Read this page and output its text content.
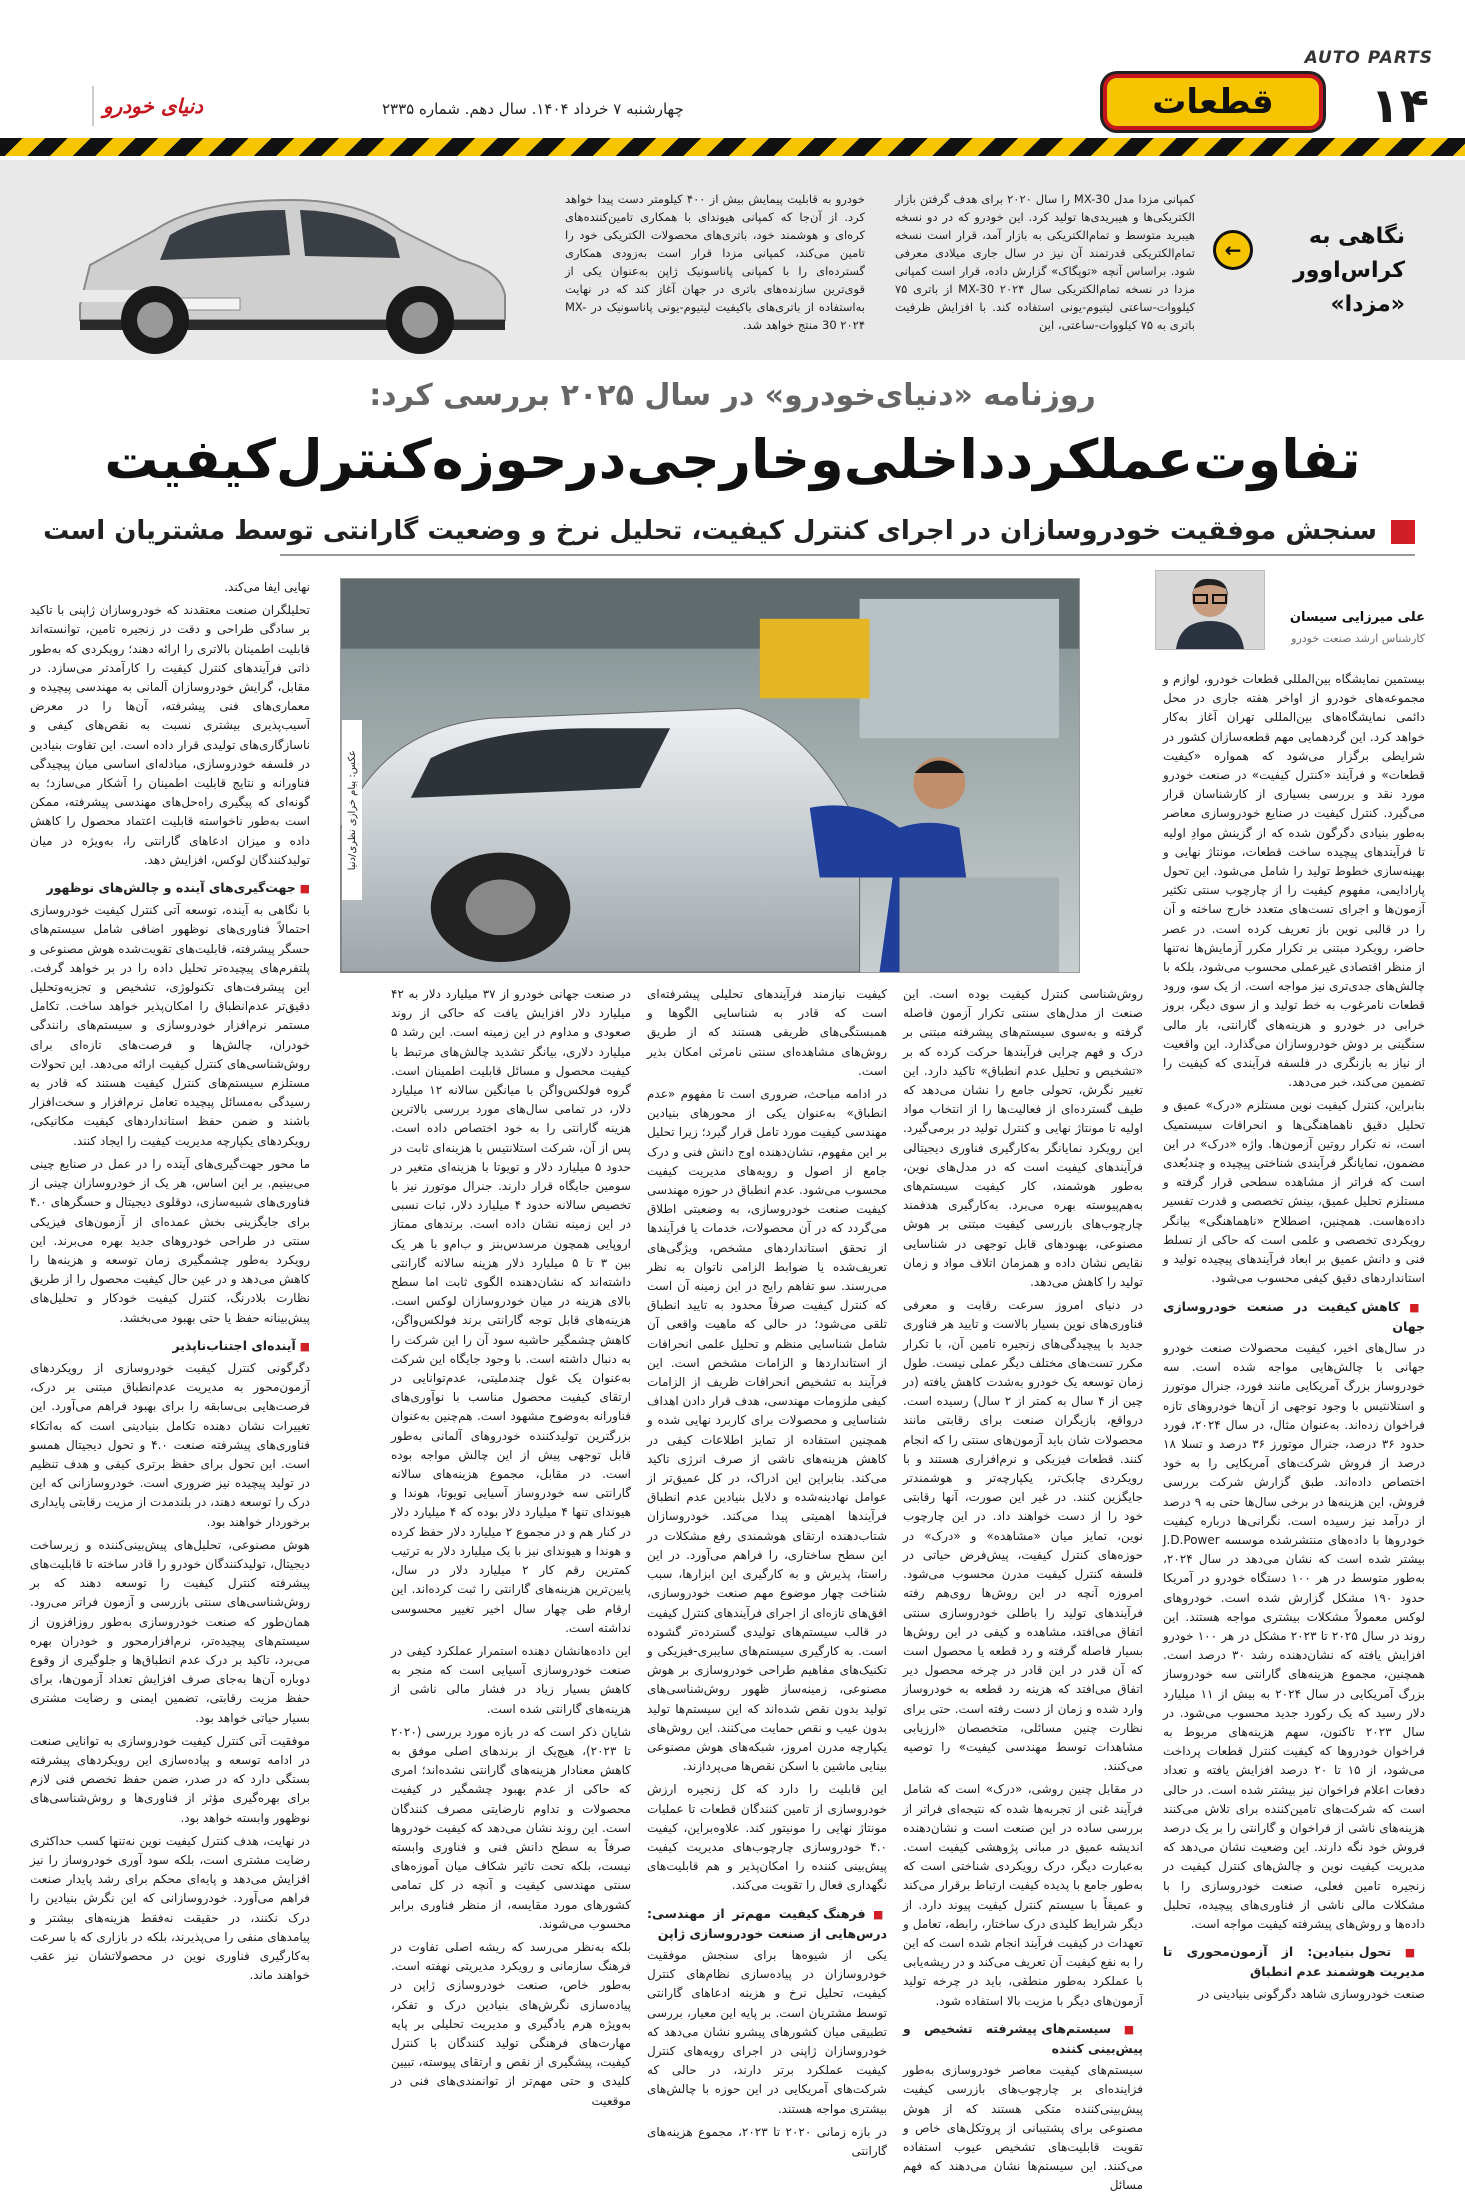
AUTO PARTS
۱۴
قطعات
چهارشنبه ۷ خرداد ۱۴۰۴. سال دهم. شماره ۲۳۳۵
دنیای خودرو
نگاهی به کراس‌اوور «مزدا»
←
کمپانی مزدا مدل MX-30 را سال ۲۰۲۰ برای هدف گرفتن بازار الکتریکی‌ها و هیبریدی‌ها تولید کرد. این خودرو که در دو نسخه هیبرید متوسط و تمام‌الکتریکی به بازار آمد، قرار است نسخه تمام‌الکتریکی قدرتمند آن نیز در سال جاری میلادی معرفی شود. براساس آنچه «توپگاک» گزارش داده، قرار است کمپانی مزدا در نسخه تمام‌الکتریکی سال ۲۰۲۴ MX-30 از باتری ۷۵ کیلووات-ساعتی لیتیوم-یونی استفاده کند. با افزایش ظرفیت باتری به ۷۵ کیلووات-ساعتی، این
خودرو به قابلیت پیمایش بیش از ۴۰۰ کیلومتر دست پیدا خواهد کرد. از آن‌جا که کمپانی هیوندای با همکاری تامین‌کننده‌های کره‌ای و هوشمند خود، باتری‌های محصولات الکتریکی خود را تامین می‌کند، کمپانی مزدا قرار است به‌زودی همکاری گسترده‌ای را با کمپانی پاناسونیک ژاپن به‌عنوان یکی از قوی‌ترین سازنده‌های باتری در جهان آغاز کند که در نهایت به‌استفاده از باتری‌های باکیفیت لیتیوم-یونی پاناسونیک در MX-30 ۲۰۲۴ منتج خواهد شد.
روزنامه «دنیای‌خودرو» در سال ۲۰۲۵ بررسی کرد:
تفاوت‌عملکرد‌داخلی‌و‌خارجی‌در‌حوزه‌کنترل‌کیفیت
سنجش موفقیت خودروسازان در اجرای کنترل کیفیت، تحلیل نرخ و وضعیت گارانتی توسط مشتریان است
علی میرزایی سیسان
کارشناس ارشد صنعت خودرو
عکس: پیام خرازی نظری/دنیا

بیستمین نمایشگاه بین‌المللی قطعات خودرو، لوازم و مجموعه‌های خودرو از اواخر هفته جاری در محل دائمی نمایشگاه‌های بین‌المللی تهران آغاز به‌کار خواهد کرد. این گردهمایی مهم قطعه‌سازان کشور در شرایطی برگزار می‌شود که همواره «کیفیت قطعات» و فرآیند «کنترل کیفیت» در صنعت خودرو مورد نقد و بررسی بسیاری از کارشناسان قرار می‌گیرد. کنترل کیفیت در صنایع خودروسازی معاصر به‌طور بنیادی دگرگون شده که از گزینش موادِ اولیه تا فرآیندهای پیچیده ساخت قطعات، مونتاژ نهایی و بهینه‌سازی خطوط تولید را شامل می‌شود. این تحول پارادایمی، مفهوم کیفیت را از چارچوب سنتی تکثیر آزمون‌ها و اجرای تست‌های متعدد خارج ساخته و آن را در قالبی نوین باز تعریف کرده است. در عصر حاضر، رویکرد مبتنی بر تکرار مکرر آزمایش‌ها نه‌تنها از منظر اقتصادی غیرعملی محسوب می‌شود، بلکه با چالش‌های جدی‌تری نیز مواجه است. از یک سو، ورود قطعات نامرغوب به خط تولید و از سوی دیگر، بروز خرابی در خودرو و هزینه‌های گارانتی، بار مالی سنگینی بر دوش خودروسازان می‌گذارد. این واقعیت از نیاز به بازنگری در فلسفه فرآیندی که کیفیت را تضمین می‌کند، خبر می‌دهد.

بنابراین، کنترل کیفیت نوین مستلزم «درک» عمیق و تحلیل دقیق ناهماهنگی‌ها و انحرافات سیستمیک است، نه تکرار روتین آزمون‌ها. واژه «درک» در این مضمون، نمایانگر فرآیندی شناختی پیچیده و چندبُعدی است که فراتر از مشاهده سطحی قرار گرفته و مستلزم تحلیل عمیق، بینش تخصصی و قدرت تفسیر داده‌هاست. همچنین، اصطلاح «ناهماهنگی» بیانگر رویکردی تخصصی و علمی است که حاکی از تسلط فنی و دانش عمیق بر ابعاد فرآیندهای پیچیده تولید و استانداردهای دقیق کیفی محسوب می‌شود.

■ کاهش کیفیت در صنعت خودروسازی جهان

در سال‌های اخیر، کیفیت محصولات صنعت خودرو جهانی با چالش‌هایی مواجه شده است. سه خودروساز بزرگ آمریکایی مانند فورد، جنرال موتورز و استلانتیس با وجود توجهی از آن‌ها خودروهای تازه فراخوان زده‌اند. به‌عنوان مثال، در سال ۲۰۲۴، فورد حدود ۳۶ درصد، جنرال موتورز ۳۶ درصد و تسلا ۱۸ درصد از فروش شرکت‌های آمریکایی را به خود اختصاص داده‌اند. طبق گزارش شرکت بررسی فروش، این هزینه‌ها در برخی سال‌ها حتی به ۹ درصد از درآمد نیز رسیده است. نگرانی‌ها درباره کیفیت خودروها با داده‌های منتشرشده موسسه J.D.Power بیشتر شده است که نشان می‌دهد در سال ۲۰۲۴، به‌طور متوسط در هر ۱۰۰ دستگاه خودرو در آمریکا حدود ۱۹۰ مشکل گزارش شده است. خودروهای لوکس معمولاً مشکلات بیشتری مواجه هستند. این روند در سال ۲۰۲۵ تا ۲۰۲۳ مشکل در هر ۱۰۰ خودرو افزایش یافته که نشان‌دهنده رشد ۳۰ درصد است. همچنین، مجموع هزینه‌های گارانتی سه خودروساز بزرگ آمریکایی در سال ۲۰۲۴ به بیش از ۱۱ میلیارد دلار رسید که یک رکورد جدید محسوب می‌شود. در سال ۲۰۲۳ تاکنون، سهم هزینه‌های مربوط به فراخوان خودروها که کیفیت کنترل قطعات پرداخت می‌شود، از ۱۵ تا ۲۰ درصد افزایش یافته و تعداد دفعات اعلام فراخوان نیز بیشتر شده است. در حالی است که شرکت‌های تامین‌کننده برای تلاش می‌کنند هزینه‌های ناشی از فراخوان و گارانتی را بر یک درصد فروش خود نگه دارند. این وضعیت نشان می‌دهد که مدیریت کیفیت نوین و چالش‌های کنترل کیفیت در زنجیره تامین فعلی، صنعت خودروسازی را با مشکلات مالی ناشی از فناوری‌های پیچیده، تحلیل داده‌ها و روش‌های پیشرفته کیفیت مواجه است.

■ تحول بنیادین: از آزمون‌محوری تا مدیریت هوشمند عدم انطباق

صنعت خودروسازی شاهد دگرگونی بنیادینی در

روش‌شناسی کنترل کیفیت بوده است. این صنعت از مدل‌های سنتی تکرار آزمون فاصله گرفته و به‌سوی سیستم‌های پیشرفته مبتنی بر درک و فهم چرایی فرآیندها حرکت کرده که بر «تشخیص و تحلیل عدم انطباق» تاکید دارد. این تغییر نگرش، تحولی جامع را نشان می‌دهد که طیف گسترده‌ای از فعالیت‌ها را از انتخاب مواد اولیه تا مونتاژ نهایی و کنترل تولید در برمی‌گیرد. این رویکرد نمایانگر به‌کارگیری فناوری دیجیتالی فرآیندهای کیفیت است که در مدل‌های نوین، به‌طور هوشمند، کار کیفیت سیستم‌های به‌هم‌پیوسته بهره می‌برد. به‌کارگیری هدفمند چارچوب‌های بازرسی کیفیت مبتنی بر هوش مصنوعی، بهبودهای قابل توجهی در شناسایی نقایص نشان داده و همزمان اتلاف مواد و زمان تولید را کاهش می‌دهد.

در دنیای امروز سرعت رقابت و معرفی فناوری‌های نوین بسیار بالاست و تایید هر فناوری جدید با پیچیدگی‌های زنجیره تامین آن، با تکرار مکرر تست‌های مختلف دیگر عملی نیست. طول زمان توسعه یک خودرو به‌شدت کاهش یافته (در چین از ۴ سال به کمتر از ۲ سال) رسیده است. درواقع، بازیگران صنعت برای رقابتی مانند محصولات شان باید آزمون‌های سنتی را که انجام کنند. قطعات فیزیکی و نرم‌افزاری هستند و با رویکردی چابک‌تر، یکپارچه‌تر و هوشمندتر جایگزین کنند. در غیر این صورت، آنها رقابتی خود را از دست خواهند داد. در این چارچوب نوین، تمایز میان «مشاهده» و «درک» در حوزه‌های کنترل کیفیت، پیش‌فرض حیاتی در فلسفه کنترل کیفیت مدرن محسوب می‌شود. امروزه آنچه در این روش‌ها روی‌هم رفته فرآیندهای تولید را باطلی خودروسازی سنتی اتفاق می‌افتد، مشاهده و کیفی در این روش‌ها بسیار فاصله گرفته و رد قطعه یا محصول است که آن قدر در این قادر در چرخه محصول دیر اتفاق می‌افتد که هزینه رد قطعه به خودروساز وارد شده و زمان از دست رفته است. حتی برای نظارت چنین مسائلی، متخصصان «ارزیابی مشاهدات توسط مهندسی کیفیت» را توصیه می‌کنند.

در مقابل چنین روشی، «درک» است که شامل فرآیند غنی از تجربه‌ها شده که نتیجه‌ای فراتر از بررسی ساده در این صنعت است و نشان‌دهنده اندیشه عمیق در مبانی پژوهشی کیفیت است. به‌عبارت دیگر، درک رویکردی شناختی است که به‌طور جامع با پدیده کیفیت ارتباط برقرار می‌کند و عمیقاً با سیستم کنترل کیفیت پیوند دارد. از دیگر شرایط کلیدی درک ساختار، رابطه، تعامل و تعهدات در کیفیت فرآیند انجام شده است که این را به نفع کیفیت آن تعریف می‌کند و در ریشه‌یابی با عملکرد به‌طور منطقی، باید در چرخه تولید آزمون‌های دیگر با مزیت بالا استفاده شود.

■ سیستم‌های پیشرفته تشخیص و پیش‌بینی کننده

سیستم‌های کیفیت معاصر خودروسازی به‌طور فزاینده‌ای بر چارچوب‌های بازرسی کیفیت پیش‌بینی‌کننده متکی هستند که از هوش مصنوعی برای پشتیبانی از پروتکل‌های خاص و تقویت قابلیت‌های تشخیص عیوب استفاده می‌کنند. این سیستم‌ها نشان می‌دهند که فهم مسائل

کیفیت نیازمند فرآیندهای تحلیلی پیشرفته‌ای است که قادر به شناسایی الگوها و همبستگی‌های ظریفی هستند که از طریق روش‌های مشاهده‌ای سنتی نامرئی امکان بذیر است.

در ادامه مباحث، ضروری است تا مفهوم «عدم انطباق» به‌عنوان یکی از محورهای بنیادین مهندسی کیفیت مورد تامل قرار گیرد؛ زیرا تحلیل بر این مفهوم، نشان‌دهنده اوج دانش فنی و درک جامع از اصول و رویه‌های مدیریت کیفیت محسوب می‌شود. عدم انطباق در حوزه مهندسی کیفیت صنعت خودروسازی، به وضعیتی اطلاق می‌گردد که در آن محصولات، خدمات یا فرآیندها از تحقق استانداردهای مشخص، ویژگی‌های تعریف‌شده یا ضوابط الزامی ناتوان به نظر می‌رسند. سو تفاهم رایج در این زمینه آن است که کنترل کیفیت صرفاً محدود به تایید انطباق تلقی می‌شود؛ در حالی که ماهیت واقعی آن شامل شناسایی منظم و تحلیل علمی انحرافات از استانداردها و الزامات مشخص است. این فرآیند به تشخیص انحرافات ظریف از الزامات کیفی ملزومات مهندسی، هدف قرار دادن اهداف شناسایی و محصولات برای کاربرد نهایی شده و همچنین استفاده از تمایز اطلاعات کیفی در کاهش هزینه‌های ناشی از صرف انرژی تاکید می‌کند. بنابراین این ادراک، در کل عمیق‌تر از عوامل نهادینه‌شده و دلایل بنیادین عدم انطباق فرآیند‌ها اهمیتی پیدا می‌کند. خودروسازان شتاب‌دهنده ارتقای هوشمندی رفع مشکلات در این سطح ساختاری، را فراهم می‌آورد. در این راستا، پذیرش و به کارگیری این ابزارها، سبب شناخت چهار موضوع مهم صنعت خودروسازی، افق‌های تازه‌ای از اجرای فرآیندهای کنترل کیفیت در قالب سیستم‌های تولیدی گسترده‌تر گشوده است. به کارگیری سیستم‌های سایبری-فیزیکی و تکنیک‌های مفاهیم طراحی خودروسازی بر هوش مصنوعی، زمینه‌ساز ظهور روش‌شناسی‌های تولید بدون نقص شده‌اند که این سیستم‌ها تولید بدون عیب و نقص حمایت می‌کنند. این روش‌های یکپارچه مدرن امروز، شبکه‌های هوش مصنوعی بینایی ماشین با اسکن نقص‌ها می‌پردازند.

این قابلیت را دارد که کل زنجیره ارزش خودروسازی از تامین کنندگان قطعات تا عملیات مونتاژ نهایی را مونیتور کند. علاوه‌براین، کیفیت ۴.۰ خودروسازی چارچوب‌های مدیریت کیفیت پیش‌بینی کننده را امکان‌پذیر و هم قابلیت‌های نگهداری فعال را تقویت می‌کند.

■ فرهنگ کیفیت مهم‌تر از مهندسی: درس‌هایی از صنعت خودروسازی ژاپن

یکی از شیوه‌ها برای سنجش موفقیت خودروسازان در پیاده‌سازی نظام‌های کنترل کیفیت، تحلیل نرخ و هزینه ادعاهای گارانتی توسط مشتریان است. بر پایه این معیار، بررسی تطبیقی میان کشورهای پیشرو نشان می‌دهد که خودروسازان ژاپنی در اجرای رویه‌های کنترل کیفیت عملکرد برتر دارند، در حالی که شرکت‌های آمریکایی در این حوزه با چالش‌های بیشتری مواجه هستند.

در بازه زمانی ۲۰۲۰ تا ۲۰۲۳، مجموع هزینه‌های گارانتی

در صنعت جهانی خودرو از ۳۷ میلیارد دلار به ۴۲ میلیارد دلار افزایش یافت که حاکی از روند صعودی و مداوم در این زمینه است. این رشد ۵ میلیارد دلاری، بیانگر تشدید چالش‌های مرتبط با کیفیت محصول و مسائل قابلیت اطمینان است. گروه فولکس‌واگن با میانگین سالانه ۱۲ میلیارد دلار، در تمامی سال‌های مورد بررسی بالاترین هزینه گارانتی را به خود اختصاص داده است. پس از آن، شرکت استلانتیس با هزینه‌ای ثابت در حدود ۵ میلیارد دلار و تویوتا با هزینه‌ای متغیر در سومین جایگاه قرار دارند. جنرال موتورز نیز با تخصیص سالانه حدود ۴ میلیارد دلار، ثبات نسبی در این زمینه نشان داده است. برندهای ممتاز اروپایی همچون مرسدس‌بنز و ب‌ام‌و با هر یک بین ۳ تا ۵ میلیارد دلار هزینه سالانه گارانتی داشته‌اند که نشان‌دهنده الگوی ثابت اما سطح بالای هزینه در میان خودروسازان لوکس است. هزینه‌های قابل توجه گارانتی برند فولکس‌واگن، کاهش چشمگیر حاشیه سود آن را این شرکت را به دنبال داشته است. با وجود جایگاه این شرکت به‌عنوان یک غول چندملیتی، عدم‌توانایی در ارتقای کیفیت محصول مناسب با نوآوری‌های فناورانه به‌وضوح مشهود است. هم‌چنین به‌عنوان بزرگترین تولیدکننده خودروهای آلمانی به‌طور قابل توجهی پیش از این چالش مواجه بوده است. در مقابل، مجموع هزینه‌های سالانه گارانتی سه خودروساز آسیایی تویوتا، هوندا و هیوندای تنها ۴ میلیارد دلار بوده که ۴ میلیارد دلار در کنار هم و در مجموع ۲ میلیارد دلار حفظ کرده و هوندا و هیوندای نیز با یک میلیارد دلار به ترتیب کمترین رقم کار ۲ میلیارد دلار در سال، پایین‌ترین هزینه‌های گارانتی را ثبت کرده‌اند. این ارقام طی چهار سال اخیر تغییر محسوسی نداشته است.

این داده‌هانشان دهنده استمرار عملکرد کیفی در صنعت خودروسازی آسیایی است که منجر به کاهش بسیار زیاد در فشار مالی ناشی از هزینه‌های گارانتی شده است.

شایان ذکر است که در بازه مورد بررسی (۲۰۲۰ تا ۲۰۲۳)، هیچ‌یک از برندهای اصلی موفق به کاهش معنادار هزینه‌های گارانتی نشده‌اند؛ امری که حاکی از عدم بهبود چشمگیر در کیفیت محصولات و تداوم نارضایتی مصرف کنندگان است. این روند نشان می‌دهد که کیفیت خودروها صرفاً به سطح دانش فنی و فناوری وابسته نیست، بلکه تحت تاثیر شکاف میان آموزه‌های سنتی مهندسی کیفیت و آنچه در کل تمامی کشورهای مورد مقایسه، از منظر فناوری برابر محسوب می‌شوند.

بلکه به‌نظر می‌رسد که ریشه اصلی تفاوت در فرهنگ سازمانی و رویکرد مدیریتی نهفته است. به‌طور خاص، صنعت خودروسازی ژاپن در پیاده‌سازی نگرش‌های بنیادین درک و تفکر، به‌ویژه هرم یادگیری و مدیریت تحلیلی بر پایه مهارت‌های فرهنگی تولید کنندگان با کنترل کیفیت، پیشگیری از نقص و ارتقای پیوسته، تبیین کلیدی و حتی مهم‌تر از توانمندی‌های فنی در موقعیت

نهایی ایفا می‌کند.

تحلیلگران صنعت معتقدند که خودروسازان ژاپنی با تاکید بر سادگی طراحی و دقت در زنجیره تامین، توانسته‌اند قابلیت اطمینان بالاتری را ارائه دهند؛ رویکردی که به‌طور ذاتی فرآیندهای کنترل کیفیت را کارآمدتر می‌سازد. در مقابل، گرایش خودروسازان آلمانی به مهندسی پیچیده و معماری‌های فنی پیشرفته، آن‌ها را در معرض آسیب‌پذیری بیشتری نسبت به نقص‌های کیفی و ناسازگاری‌های تولیدی قرار داده است. این تفاوت بنیادین در فلسفه خودروسازی، مبادله‌ای اساسی میان پیچیدگی فناورانه و نتایج قابلیت اطمینان را آشکار می‌سازد؛ به گونه‌ای که پیگیری راه‌حل‌های مهندسی پیشرفته، ممکن است به‌طور ناخواسته قابلیت اعتماد محصول را کاهش داده و میزان ادعاهای گارانتی را، به‌ویژه در میان تولیدکنندگان لوکس، افزایش دهد.

■ جهت‌گیری‌های آینده و چالش‌های نوظهور

با نگاهی به آینده، توسعه آتی کنترل کیفیت خودروسازی احتمالاً فناوری‌های نوظهور اضافی شامل سیستم‌های حسگر پیشرفته، قابلیت‌های تقویت‌شده هوش مصنوعی و پلتفرم‌های پیچیده‌تر تحلیل داده را در بر خواهد گرفت. این پیشرفت‌های تکنولوژی، تشخیص و تجزیه‌وتحلیل دقیق‌تر عدم‌انطباق را امکان‌پذیر خواهد ساخت. تکامل مستمر نرم‌افزار خودروسازی و سیستم‌های رانندگی خودران، چالش‌ها و فرصت‌های تازه‌ای برای روش‌شناسی‌های کنترل کیفیت ارائه می‌دهد. این تحولات مستلزم سیستم‌های کنترل کیفیت هستند که قادر به رسیدگی به‌مسائل پیچیده تعامل نرم‌افزار و سخت‌افزار باشند و ضمن حفظ استانداردهای کیفیت مکانیکی، رویکردهای یکپارچه مدیریت کیفیت را ایجاد کنند.

ما محور جهت‌گیری‌های آینده را در عمل در صنایع چینی می‌بینیم. بر این اساس، هر یک از خودروسازان چینی از فناوری‌های شبیه‌سازی، دوقلوی دیجیتال و حسگرهای ۴.۰ برای جایگزینی بخش عمده‌ای از آزمون‌های فیزیکی سنتی در طراحی خودروهای جدید بهره می‌برند. این رویکرد به‌طور چشمگیری زمان توسعه و هزینه‌ها را کاهش می‌دهد و در عین حال کیفیت محصول را از طریق نظارت بلادرنگ، کنترل کیفیت خودکار و تحلیل‌های پیش‌بینانه حفظ یا حتی بهبود می‌بخشد.

■ آینده‌ای اجتناب‌ناپذیر

دگرگونی کنترل کیفیت خودروسازی از رویکردهای آزمون‌محور به مدیریت عدم‌انطباق مبتنی بر درک، فرصت‌هایی بی‌سابقه را برای بهبود فراهم می‌آورد. این تغییرات نشان دهنده تکامل بنیادینی است که به‌اتکاء فناوری‌های پیشرفته صنعت ۴.۰ و تحول دیجیتال همسو است. این تحول برای حفظ برتری کیفی و هدف تنظیم در تولید پیچیده نیز ضروری است. خودروسازانی که این درک را توسعه دهند، در بلندمدت از مزیت رقابتی پایداری برخوردار خواهند بود.

هوش مصنوعی، تحلیل‌های پیش‌بینی‌کننده و زیرساخت دیجیتال، تولیدکنندگان خودرو را قادر ساخته تا قابلیت‌های پیشرفته کنترل کیفیت را توسعه دهند که بر روش‌شناسی‌های سنتی بازرسی و آزمون فراتر می‌رود. همان‌طور که صنعت خودروسازی به‌طور روزافزون از سیستم‌های پیچیده‌تر، نرم‌افزارمحور و خودران بهره می‌برد، تاکید بر درک عدم انطباق‌ها و جلوگیری از وقوع دوباره آن‌ها به‌جای صرف افزایش تعداد آزمون‌ها، برای حفظ مزیت رقابتی، تضمین ایمنی و رضایت مشتری بسیار حیاتی خواهد بود.

موفقیت آتی کنترل کیفیت خودروسازی به توانایی صنعت در ادامه توسعه و پیاده‌سازی این رویکردهای پیشرفته بستگی دارد که در صدر، ضمن حفظ تخصص فنی لازم برای بهره‌گیری مؤثر از فناوری‌ها و روش‌شناسی‌های نوظهور وابسته خواهد بود.

در نهایت، هدف کنترل کیفیت نوین نه‌تنها کسب حداکثری رضایت مشتری است، بلکه سود آوری خودروساز را نیز افزایش می‌دهد و پایه‌ای محکم برای رشد پایدار صنعت فراهم می‌آورد. خودروسازانی که این نگرش بنیادین را درک نکنند، در حقیقت نه‌فقط هزینه‌های بیشتر و پیامدهای منفی را می‌پذیرند، بلکه در بازاری که با سرعت به‌کارگیری فناوری نوین در محصولاتشان نیز عقب خواهند ماند.
